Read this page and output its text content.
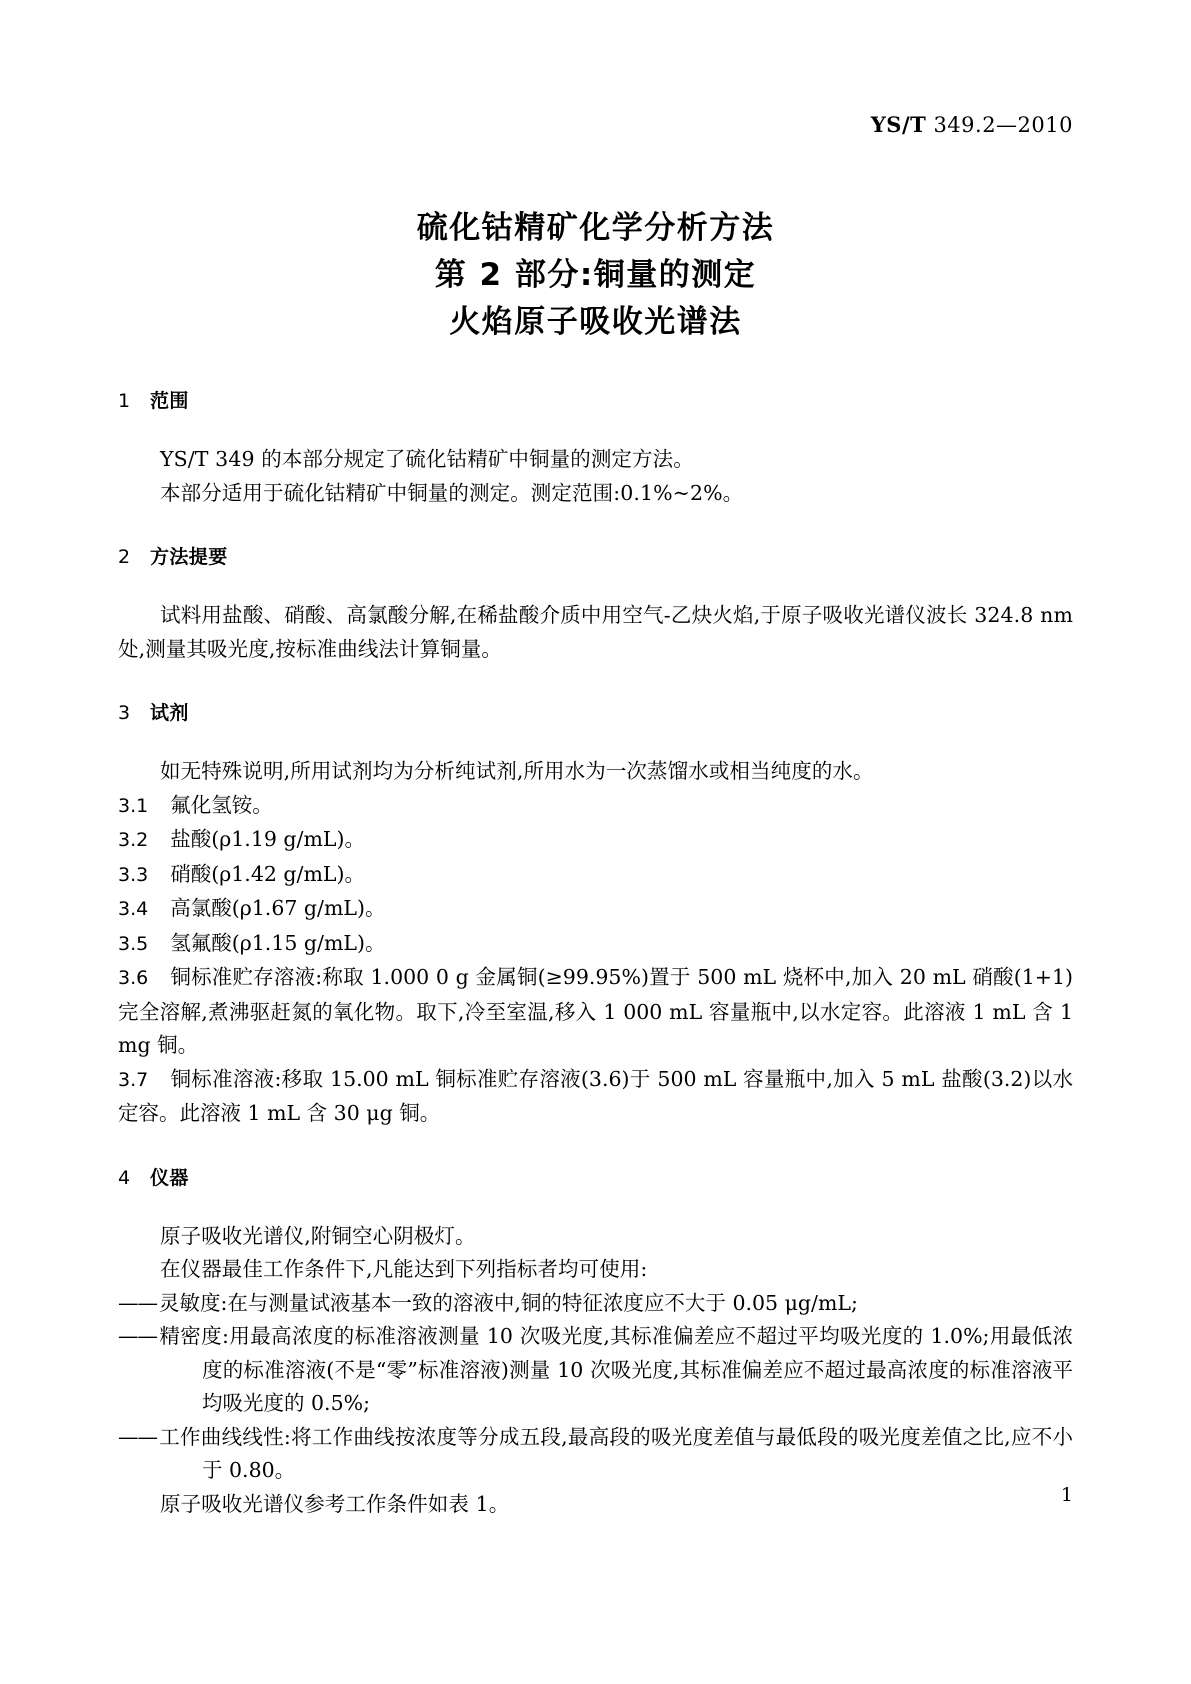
YS/T 349.2—2010
硫化钴精矿化学分析方法
第 2 部分:铜量的测定
火焰原子吸收光谱法
1 范围

YS/T 349 的本部分规定了硫化钴精矿中铜量的测定方法。

本部分适用于硫化钴精矿中铜量的测定。测定范围:0.1%~2%。

2 方法提要

试料用盐酸、硝酸、高氯酸分解,在稀盐酸介质中用空气-乙炔火焰,于原子吸收光谱仪波长 324.8 nm 处,测量其吸光度,按标准曲线法计算铜量。

3 试剂

如无特殊说明,所用试剂均为分析纯试剂,所用水为一次蒸馏水或相当纯度的水。

3.1 氟化氢铵。
3.2 盐酸(ρ1.19 g/mL)。
3.3 硝酸(ρ1.42 g/mL)。
3.4 高氯酸(ρ1.67 g/mL)。
3.5 氢氟酸(ρ1.15 g/mL)。
3.6 铜标准贮存溶液:称取 1.000 0 g 金属铜(≥99.95%)置于 500 mL 烧杯中,加入 20 mL 硝酸(1+1)完全溶解,煮沸驱赶氮的氧化物。取下,冷至室温,移入 1 000 mL 容量瓶中,以水定容。此溶液 1 mL 含 1 mg 铜。
3.7 铜标准溶液:移取 15.00 mL 铜标准贮存溶液(3.6)于 500 mL 容量瓶中,加入 5 mL 盐酸(3.2)以水定容。此溶液 1 mL 含 30 μg 铜。
4 仪器

原子吸收光谱仪,附铜空心阴极灯。

在仪器最佳工作条件下,凡能达到下列指标者均可使用:

——灵敏度:在与测量试液基本一致的溶液中,铜的特征浓度应不大于 0.05 μg/mL;
——精密度:用最高浓度的标准溶液测量 10 次吸光度,其标准偏差应不超过平均吸光度的 1.0%;用最低浓度的标准溶液(不是“零”标准溶液)测量 10 次吸光度,其标准偏差应不超过最高浓度的标准溶液平均吸光度的 0.5%;
——工作曲线线性:将工作曲线按浓度等分成五段,最高段的吸光度差值与最低段的吸光度差值之比,应不小于 0.80。

原子吸收光谱仪参考工作条件如表 1。	1
